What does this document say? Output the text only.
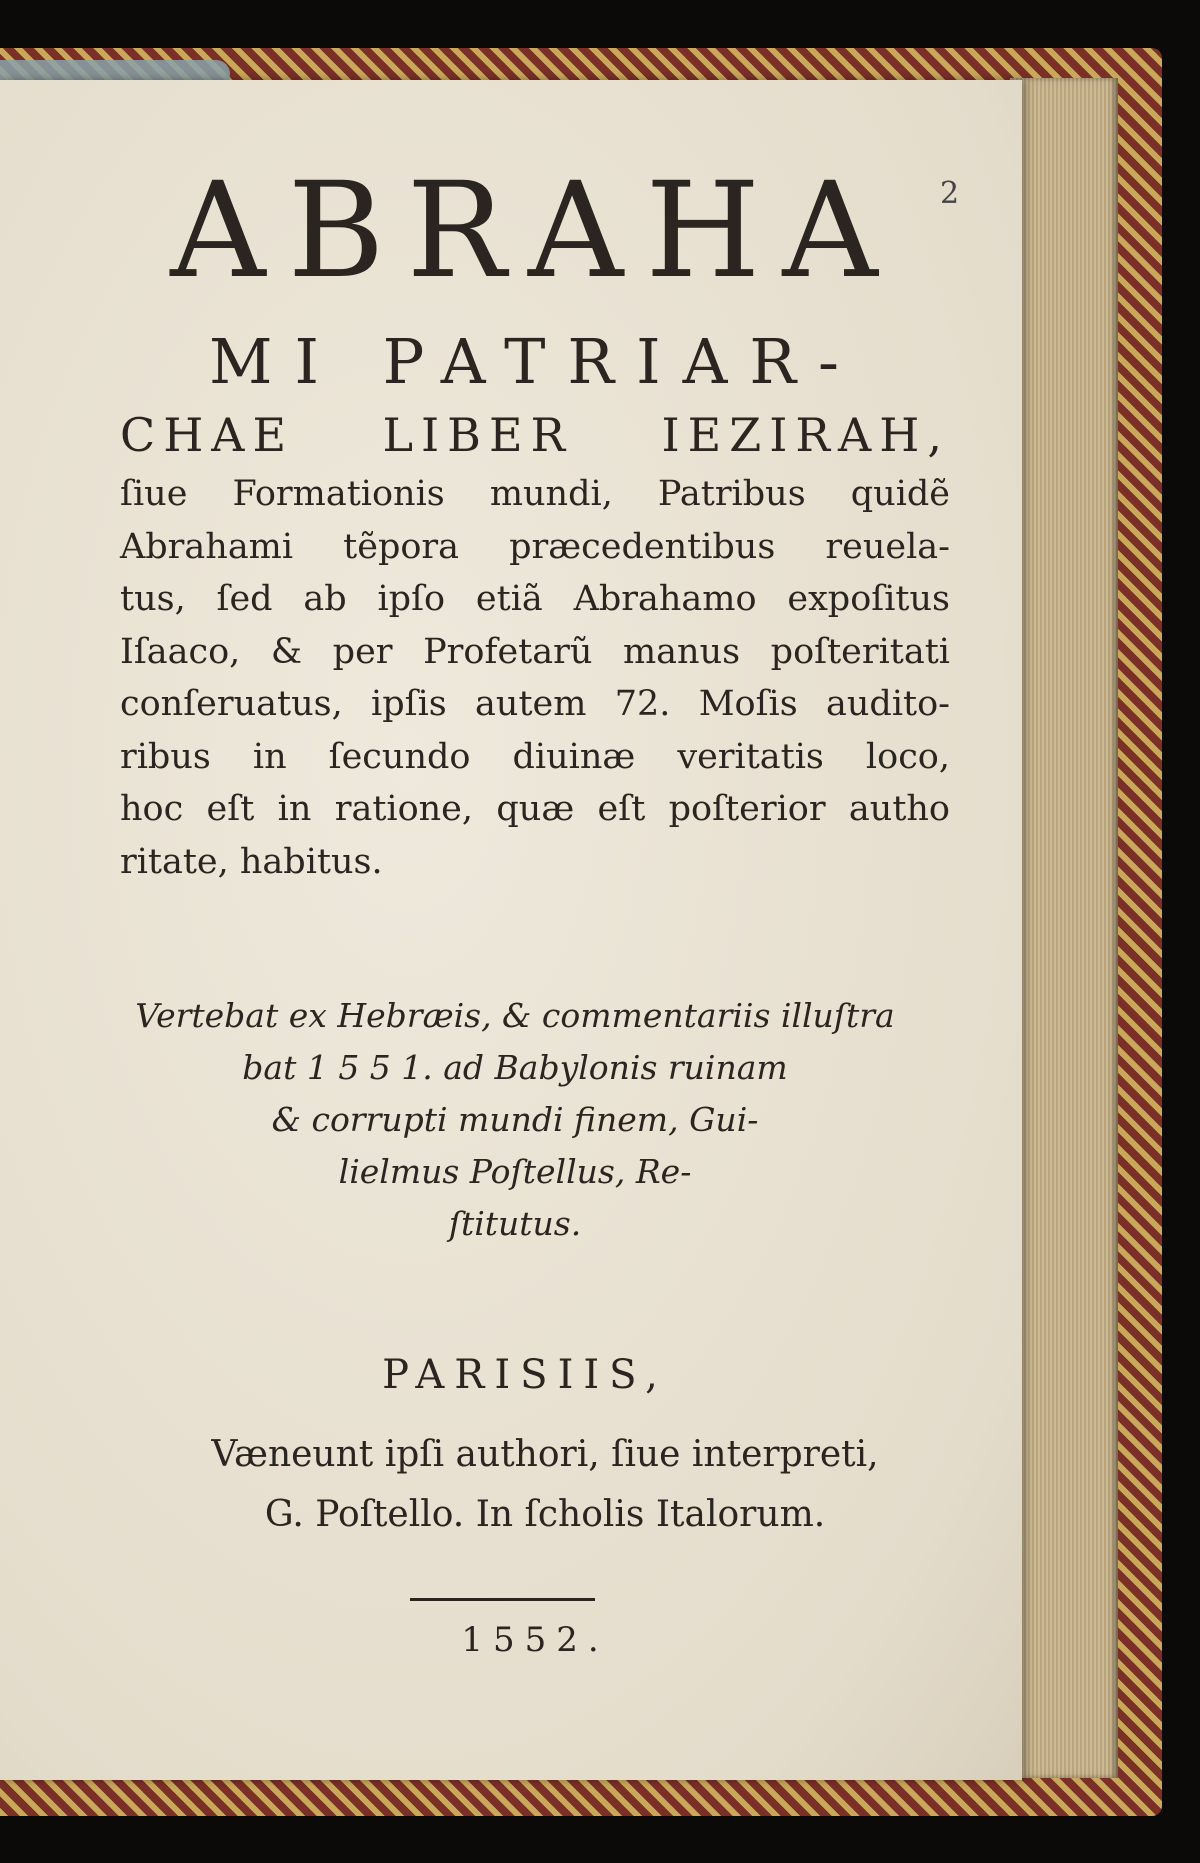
2
ABRAHA
MI PATRIAR-
CHAE LIBER IEZIRAH,
ſiue Formationis mundi, Patribus quidẽ
Abrahami tẽpora præcedentibus reuela-
tus, ſed ab ipſo etiã Abrahamo expoſitus
Iſaaco, & per Profetarũ manus poſteritati
conſeruatus, ipſis autem 72. Moſis audito-
ribus in ſecundo diuinæ veritatis loco,
hoc eſt in ratione, quæ eſt poſterior autho
ritate, habitus.
Vertebat ex Hebræis, & commentariis illuſtra
bat 1 5 5 1. ad Babylonis ruinam
& corrupti mundi finem, Gui-
lielmus Poſtellus, Re-
ſtitutus.
PARISIIS,
Væneunt ipſi authori, ſiue interpreti,
G. Poſtello. In ſcholis Italorum.
1552.
